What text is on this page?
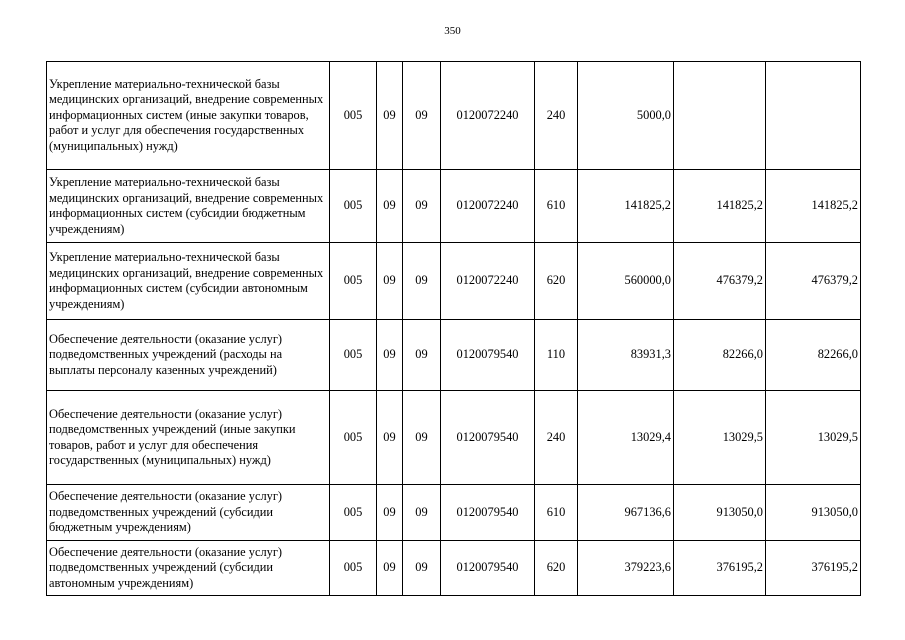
350
Укрепление материально-технической базы медицинских организаций, внедрение современных информационных систем (иные закупки товаров, работ и услуг для обеспечения государственных (муниципальных) нужд)	005	09	09	0120072240	240	5000,0		
Укрепление материально-технической базы медицинских организаций, внедрение современных информационных систем (субсидии бюджетным учреждениям)	005	09	09	0120072240	610	141825,2	141825,2	141825,2
Укрепление материально-технической базы медицинских организаций, внедрение современных информационных систем (субсидии автономным учреждениям)	005	09	09	0120072240	620	560000,0	476379,2	476379,2
Обеспечение деятельности (оказание услуг) подведомственных учреждений (расходы на выплаты персоналу казенных учреждений)	005	09	09	0120079540	110	83931,3	82266,0	82266,0
Обеспечение деятельности (оказание услуг) подведомственных учреждений (иные закупки товаров, работ и услуг для обеспечения государственных (муниципальных) нужд)	005	09	09	0120079540	240	13029,4	13029,5	13029,5
Обеспечение деятельности (оказание услуг) подведомственных учреждений (субсидии бюджетным учреждениям)	005	09	09	0120079540	610	967136,6	913050,0	913050,0
Обеспечение деятельности (оказание услуг) подведомственных учреждений (субсидии автономным учреждениям)	005	09	09	0120079540	620	379223,6	376195,2	376195,2
